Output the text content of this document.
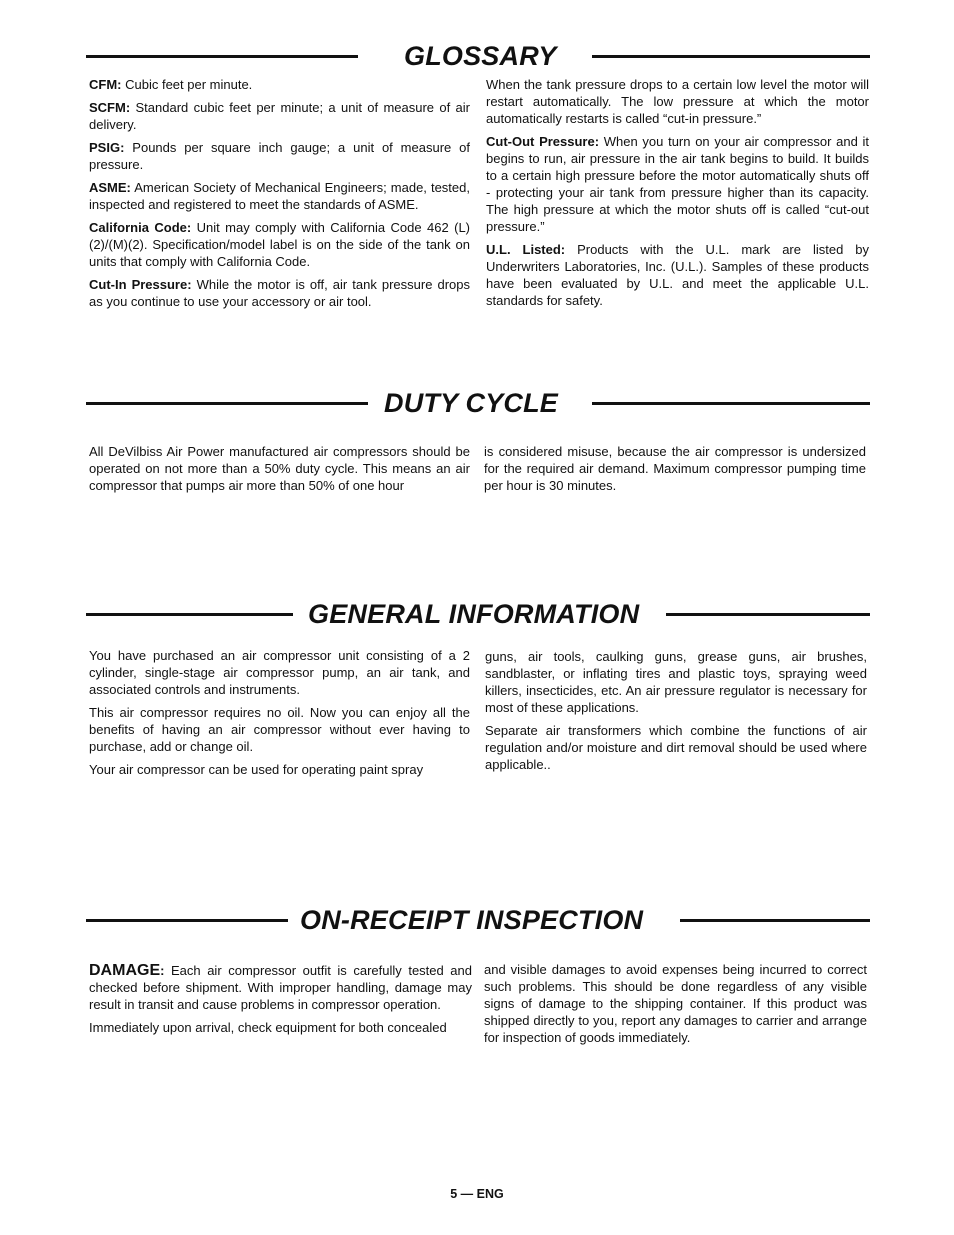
GLOSSARY

CFM: Cubic feet per minute.

SCFM: Standard cubic feet per minute; a unit of measure of air delivery.

PSIG: Pounds per square inch gauge; a unit of measure of pressure.

ASME: American Society of Mechanical Engineers; made, tested, inspected and registered to meet the standards of ASME.

California Code: Unit may comply with California Code 462 (L)(2)/(M)(2). Specification/model label is on the side of the tank on units that comply with California Code.

Cut-In Pressure: While the motor is off, air tank pressure drops as you continue to use your accessory or air tool.

When the tank pressure drops to a certain low level the motor will restart automatically. The low pressure at which the motor automatically restarts is called “cut-in pressure.”

Cut-Out Pressure: When you turn on your air compressor and it begins to run, air pressure in the air tank begins to build. It builds to a certain high pressure before the motor automatically shuts off - protecting your air tank from pressure higher than its capacity. The high pressure at which the motor shuts off is called “cut-out pressure.”

U.L. Listed: Products with the U.L. mark are listed by Underwriters Laboratories, Inc. (U.L.). Samples of these products have been evaluated by U.L. and meet the applicable U.L. standards for safety.

DUTY CYCLE

All DeVilbiss Air Power manufactured air compressors should be operated on not more than a 50% duty cycle. This means an air compressor that pumps air more than 50% of one hour

is considered misuse, because the air compressor is undersized for the required air demand. Maximum compressor pumping time per hour is 30 minutes.

GENERAL INFORMATION

You have purchased an air compressor unit consisting of a 2 cylinder, single-stage air compressor pump, an air tank, and associated controls and instruments.

This air compressor requires no oil. Now you can enjoy all the benefits of having an air compressor without ever having to purchase, add or change oil.

Your air compressor can be used for operating paint spray

guns, air tools, caulking guns, grease guns, air brushes, sandblaster, or inflating tires and plastic toys, spraying weed killers, insecticides, etc. An air pressure regulator is necessary for most of these applications.

Separate air transformers which combine the functions of air regulation and/or moisture and dirt removal should be used where applicable..

ON-RECEIPT INSPECTION

DAMAGE: Each air compressor outfit is carefully tested and checked before shipment. With improper handling, damage may result in transit and cause problems in compressor operation.

Immediately upon arrival, check equipment for both concealed

and visible damages to avoid expenses being incurred to correct such problems. This should be done regardless of any visible signs of damage to the shipping container. If this product was shipped directly to you, report any damages to carrier and arrange for inspection of goods immediately.

5 — ENG
